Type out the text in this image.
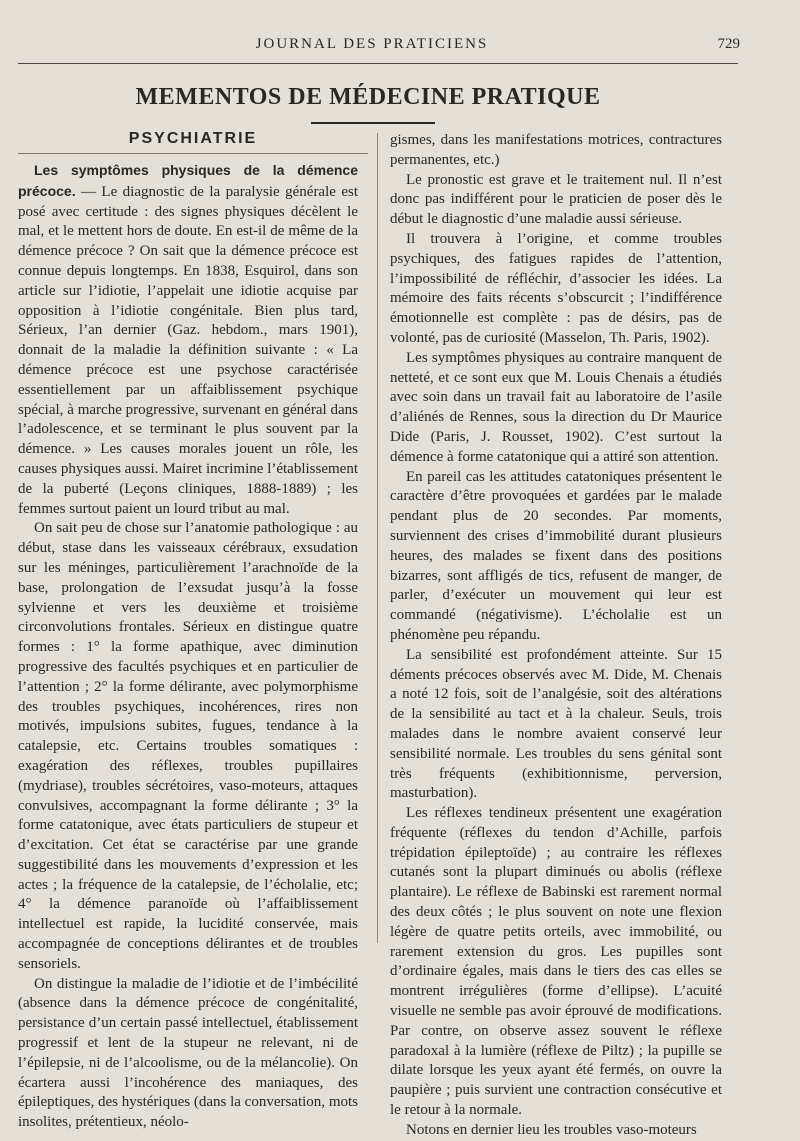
JOURNAL DES PRATICIENS	729
MEMENTOS DE MÉDECINE PRATIQUE
PSYCHIATRIE

Les symptômes physiques de la démence précoce. — Le diagnostic de la paralysie générale est posé avec certitude : des signes physiques décèlent le mal, et le mettent hors de doute. En est-il de même de la démence précoce ? On sait que la démence précoce est connue depuis longtemps. En 1838, Esquirol, dans son article sur l’idiotie, l’appelait une idiotie acquise par opposition à l’idiotie congénitale. Bien plus tard, Sérieux, l’an dernier (Gaz. hebdom., mars 1901), donnait de la maladie la définition suivante : « La démence précoce est une psychose caractérisée essentiellement par un affaiblissement psychique spécial, à marche progressive, survenant en général dans l’adolescence, et se terminant le plus souvent par la démence. » Les causes morales jouent un rôle, les causes physiques aussi. Mairet incrimine l’établissement de la puberté (Leçons cliniques, 1888-1889) ; les femmes surtout paient un lourd tribut au mal.

On sait peu de chose sur l’anatomie pathologique : au début, stase dans les vaisseaux cérébraux, exsudation sur les méninges, particulièrement l’arachnoïde de la base, prolongation de l’exsudat jusqu’à la fosse sylvienne et vers les deuxième et troisième circonvolutions frontales. Sérieux en distingue quatre formes : 1° la forme apathique, avec diminution progressive des facultés psychiques et en particulier de l’attention ; 2° la forme délirante, avec polymorphisme des troubles psychiques, incohérences, rires non motivés, impulsions subites, fugues, tendance à la catalepsie, etc. Certains troubles somatiques : exagération des réflexes, troubles pupillaires (mydriase), troubles sécrétoires, vaso-moteurs, attaques convulsives, accompagnant la forme délirante ; 3° la forme catatonique, avec états particuliers de stupeur et d’excitation. Cet état se caractérise par une grande suggestibilité dans les mouvements d’expression et les actes ; la fréquence de la catalepsie, de l’écholalie, etc; 4° la démence paranoïde où l’affaiblissement intellectuel est rapide, la lucidité conservée, mais accompagnée de conceptions délirantes et de troubles sensoriels.

On distingue la maladie de l’idiotie et de l’imbécilité (absence dans la démence précoce de congénitalité, persistance d’un certain passé intellectuel, établissement progressif et lent de la stupeur ne relevant, ni de l’épilepsie, ni de l’alcoolisme, ou de la mélancolie). On écartera aussi l’incohérence des maniaques, des épileptiques, des hystériques (dans la conversation, mots insolites, prétentieux, néolo-

gismes, dans les manifestations motrices, contractures permanentes, etc.)

Le pronostic est grave et le traitement nul. Il n’est donc pas indifférent pour le praticien de poser dès le début le diagnostic d’une maladie aussi sérieuse.

Il trouvera à l’origine, et comme troubles psychiques, des fatigues rapides de l’attention, l’impossibilité de réfléchir, d’associer les idées. La mémoire des faits récents s’obscurcit ; l’indifférence émotionnelle est complète : pas de désirs, pas de volonté, pas de curiosité (Masselon, Th. Paris, 1902).

Les symptômes physiques au contraire manquent de netteté, et ce sont eux que M. Louis Chenais a étudiés avec soin dans un travail fait au laboratoire de l’asile d’aliénés de Rennes, sous la direction du Dr Maurice Dide (Paris, J. Rousset, 1902). C’est surtout la démence à forme catatonique qui a attiré son attention.

En pareil cas les attitudes catatoniques présentent le caractère d’être provoquées et gardées par le malade pendant plus de 20 secondes. Par moments, surviennent des crises d’immobilité durant plusieurs heures, des malades se fixent dans des positions bizarres, sont affligés de tics, refusent de manger, de parler, d’exécuter un mouvement qui leur est commandé (négativisme). L’écholalie est un phénomène peu répandu.

La sensibilité est profondément atteinte. Sur 15 déments précoces observés avec M. Dide, M. Chenais a noté 12 fois, soit de l’analgésie, soit des altérations de la sensibilité au tact et à la chaleur. Seuls, trois malades dans le nombre avaient conservé leur sensibilité normale. Les troubles du sens génital sont très fréquents (exhibitionnisme, perversion, masturbation).

Les réflexes tendineux présentent une exagération fréquente (réflexes du tendon d’Achille, parfois trépidation épileptoïde) ; au contraire les réflexes cutanés sont la plupart diminués ou abolis (réflexe plantaire). Le réflexe de Babinski est rarement normal des deux côtés ; le plus souvent on note une flexion légère de quatre petits orteils, avec immobilité, ou rarement extension du gros. Les pupilles sont d’ordinaire égales, mais dans le tiers des cas elles se montrent irrégulières (forme d’ellipse). L’acuité visuelle ne semble pas avoir éprouvé de modifications. Par contre, on observe assez souvent le réflexe paradoxal à la lumière (réflexe de Piltz) ; la pupille se dilate lorsque les yeux ayant été fermés, on ouvre la paupière ; puis survient une contraction consécutive et le retour à la normale.

Notons en dernier lieu les troubles vaso-moteurs
